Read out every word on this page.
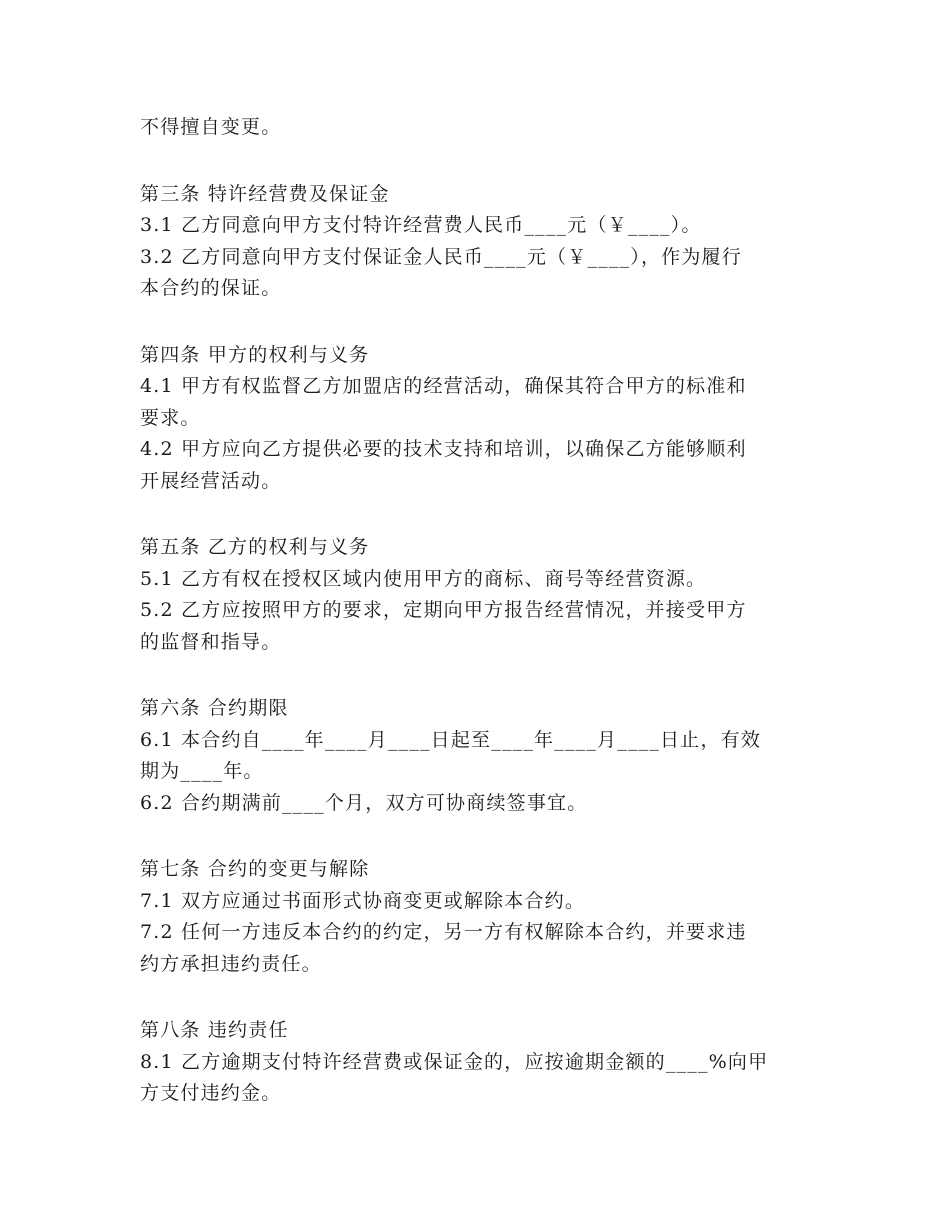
不得擅自变更。
第三条 特许经营费及保证金
3.1 乙方同意向甲方支付特许经营费人民币____元（￥____）。
3.2 乙方同意向甲方支付保证金人民币____元（￥____），作为履行
本合约的保证。
第四条 甲方的权利与义务
4.1 甲方有权监督乙方加盟店的经营活动，确保其符合甲方的标准和
要求。
4.2 甲方应向乙方提供必要的技术支持和培训，以确保乙方能够顺利
开展经营活动。
第五条 乙方的权利与义务
5.1 乙方有权在授权区域内使用甲方的商标、商号等经营资源。
5.2 乙方应按照甲方的要求，定期向甲方报告经营情况，并接受甲方
的监督和指导。
第六条 合约期限
6.1 本合约自____年____月____日起至____年____月____日止，有效
期为____年。
6.2 合约期满前____个月，双方可协商续签事宜。
第七条 合约的变更与解除
7.1 双方应通过书面形式协商变更或解除本合约。
7.2 任何一方违反本合约的约定，另一方有权解除本合约，并要求违
约方承担违约责任。
第八条 违约责任
8.1 乙方逾期支付特许经营费或保证金的，应按逾期金额的____%向甲
方支付违约金。
